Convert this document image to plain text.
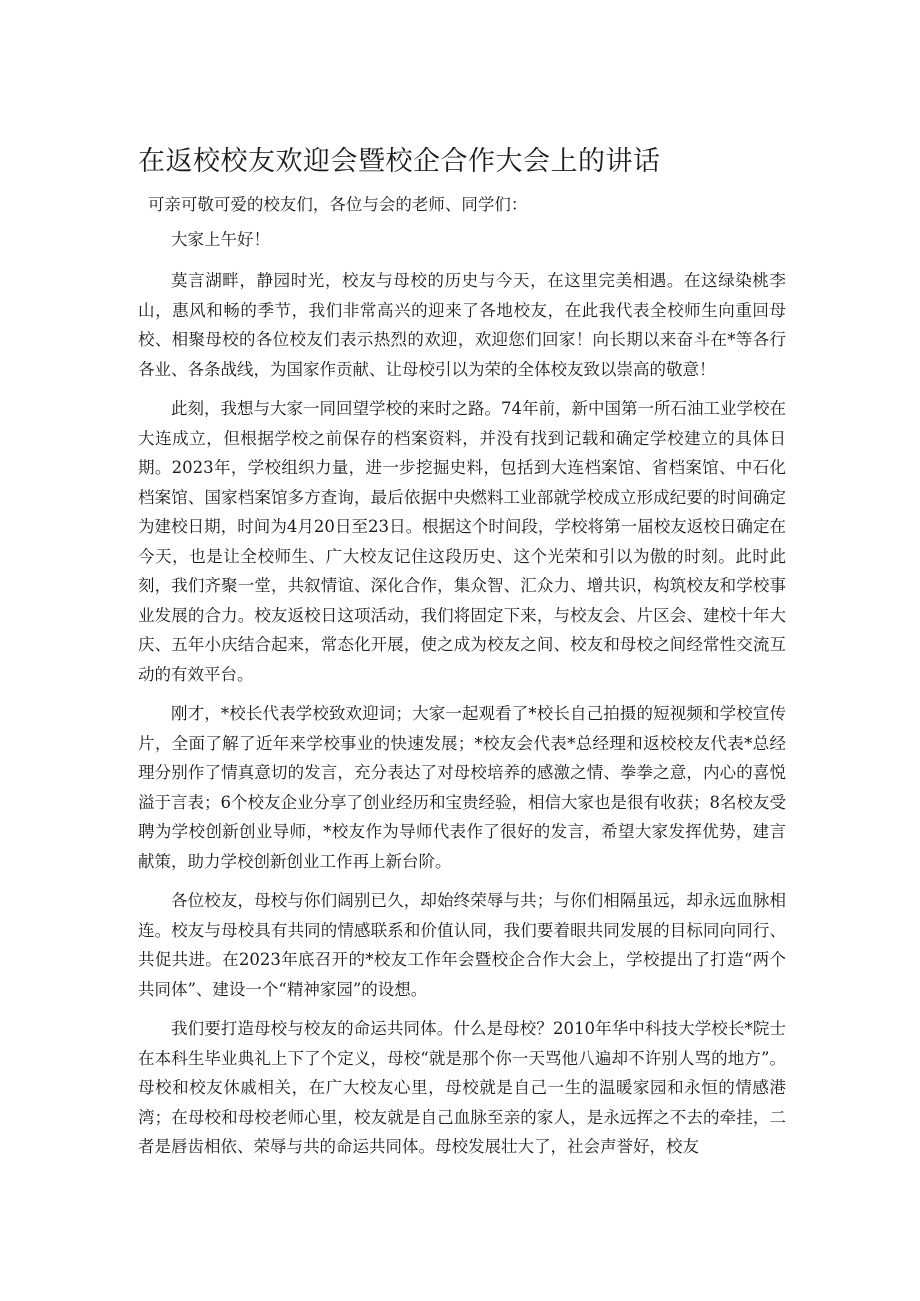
在返校校友欢迎会暨校企合作大会上的讲话

可亲可敬可爱的校友们，各位与会的老师、同学们：

大家上午好！

莫言湖畔，静园时光，校友与母校的历史与今天，在这里完美相遇。在这绿染桃李山，惠风和畅的季节，我们非常高兴的迎来了各地校友，在此我代表全校师生向重回母校、相聚母校的各位校友们表示热烈的欢迎，欢迎您们回家！向长期以来奋斗在*等各行各业、各条战线，为国家作贡献、让母校引以为荣的全体校友致以崇高的敬意！

此刻，我想与大家一同回望学校的来时之路。74年前，新中国第一所石油工业学校在大连成立，但根据学校之前保存的档案资料，并没有找到记载和确定学校建立的具体日期。2023年，学校组织力量，进一步挖掘史料，包括到大连档案馆、省档案馆、中石化档案馆、国家档案馆多方查询，最后依据中央燃料工业部就学校成立形成纪要的时间确定为建校日期，时间为4月20日至23日。根据这个时间段，学校将第一届校友返校日确定在今天，也是让全校师生、广大校友记住这段历史、这个光荣和引以为傲的时刻。此时此刻，我们齐聚一堂，共叙情谊、深化合作，集众智、汇众力、增共识，构筑校友和学校事业发展的合力。校友返校日这项活动，我们将固定下来，与校友会、片区会、建校十年大庆、五年小庆结合起来，常态化开展，使之成为校友之间、校友和母校之间经常性交流互动的有效平台。

刚才，*校长代表学校致欢迎词；大家一起观看了*校长自己拍摄的短视频和学校宣传片，全面了解了近年来学校事业的快速发展；*校友会代表*总经理和返校校友代表*总经理分别作了情真意切的发言，充分表达了对母校培养的感激之情、拳拳之意，内心的喜悦溢于言表；6个校友企业分享了创业经历和宝贵经验，相信大家也是很有收获；8名校友受聘为学校创新创业导师，*校友作为导师代表作了很好的发言，希望大家发挥优势，建言献策，助力学校创新创业工作再上新台阶。

各位校友，母校与你们阔别已久，却始终荣辱与共；与你们相隔虽远，却永远血脉相连。校友与母校具有共同的情感联系和价值认同，我们要着眼共同发展的目标同向同行、共促共进。在2023年底召开的*校友工作年会暨校企合作大会上，学校提出了打造“两个共同体”、建设一个“精神家园”的设想。

我们要打造母校与校友的命运共同体。什么是母校？2010年华中科技大学校长*院士在本科生毕业典礼上下了个定义，母校“就是那个你一天骂他八遍却不许别人骂的地方”。母校和校友休戚相关，在广大校友心里，母校就是自己一生的温暖家园和永恒的情感港湾；在母校和母校老师心里，校友就是自己血脉至亲的家人，是永远挥之不去的牵挂，二者是唇齿相依、荣辱与共的命运共同体。母校发展壮大了，社会声誉好，校友
